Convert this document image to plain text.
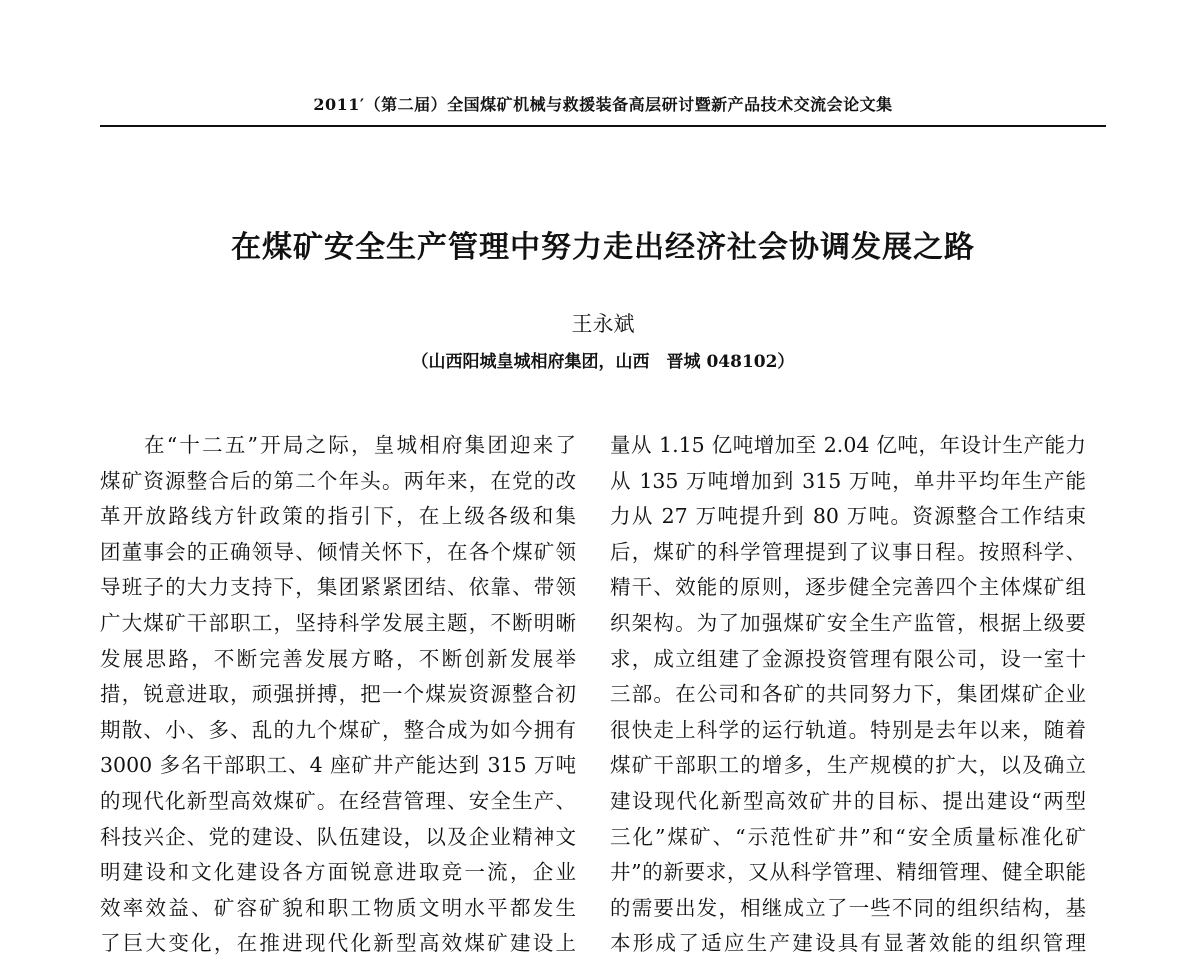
2011′（第二届）全国煤矿机械与救援装备高层研讨暨新产品技术交流会论文集
在煤矿安全生产管理中努力走出经济社会协调发展之路
王永斌
（山西阳城皇城相府集团，山西　晋城 048102）
在“十二五”开局之际，皇城相府集团迎来了
煤矿资源整合后的第二个年头。两年来，在党的改
革开放路线方针政策的指引下，在上级各级和集
团董事会的正确领导、倾情关怀下，在各个煤矿领
导班子的大力支持下，集团紧紧团结、依靠、带领
广大煤矿干部职工，坚持科学发展主题，不断明晰
发展思路，不断完善发展方略，不断创新发展举
措，锐意进取，顽强拼搏，把一个煤炭资源整合初
期散、小、多、乱的九个煤矿，整合成为如今拥有
3000 多名干部职工、4 座矿井产能达到 315 万吨
的现代化新型高效煤矿。在经营管理、安全生产、
科技兴企、党的建设、队伍建设，以及企业精神文
明建设和文化建设各方面锐意进取竞一流，企业
效率效益、矿容矿貌和职工物质文明水平都发生
了巨大变化，在推进现代化新型高效煤矿建设上
量从 1.15 亿吨增加至 2.04 亿吨，年设计生产能力
从 135 万吨增加到 315 万吨，单井平均年生产能
力从 27 万吨提升到 80 万吨。资源整合工作结束
后，煤矿的科学管理提到了议事日程。按照科学、
精干、效能的原则，逐步健全完善四个主体煤矿组
织架构。为了加强煤矿安全生产监管，根据上级要
求，成立组建了金源投资管理有限公司，设一室十
三部。在公司和各矿的共同努力下，集团煤矿企业
很快走上科学的运行轨道。特别是去年以来，随着
煤矿干部职工的增多，生产规模的扩大，以及确立
建设现代化新型高效矿井的目标、提出建设“两型
三化”煤矿、“示范性矿井”和“安全质量标准化矿
井”的新要求，又从科学管理、精细管理、健全职能
的需要出发，相继成立了一些不同的组织结构，基
本形成了适应生产建设具有显著效能的组织管理
